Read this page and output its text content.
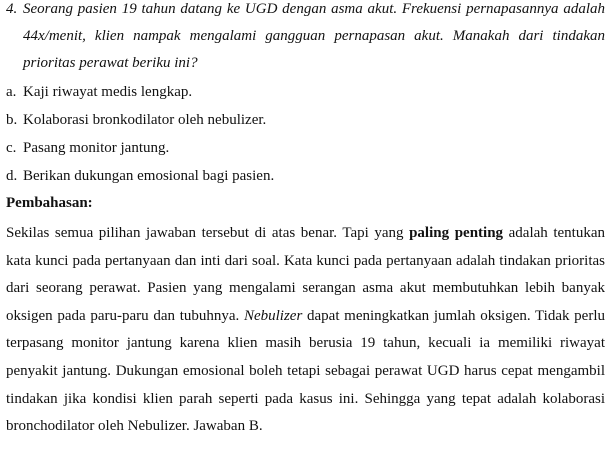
4. Seorang pasien 19 tahun datang ke UGD dengan asma akut. Frekuensi pernapasannya adalah 44x/menit, klien nampak mengalami gangguan pernapasan akut. Manakah dari tindakan prioritas perawat beriku ini?
a. Kaji riwayat medis lengkap.
b. Kolaborasi bronkodilator oleh nebulizer.
c. Pasang monitor jantung.
d. Berikan dukungan emosional bagi pasien.
Pembahasan:
Sekilas semua pilihan jawaban tersebut di atas benar. Tapi yang paling penting adalah tentukan kata kunci pada pertanyaan dan inti dari soal. Kata kunci pada pertanyaan adalah tindakan prioritas dari seorang perawat. Pasien yang mengalami serangan asma akut membutuhkan lebih banyak oksigen pada paru-paru dan tubuhnya. Nebulizer dapat meningkatkan jumlah oksigen. Tidak perlu terpasang monitor jantung karena klien masih berusia 19 tahun, kecuali ia memiliki riwayat penyakit jantung. Dukungan emosional boleh tetapi sebagai perawat UGD harus cepat mengambil tindakan jika kondisi klien parah seperti pada kasus ini. Sehingga yang tepat adalah kolaborasi bronchodilator oleh Nebulizer. Jawaban B.
